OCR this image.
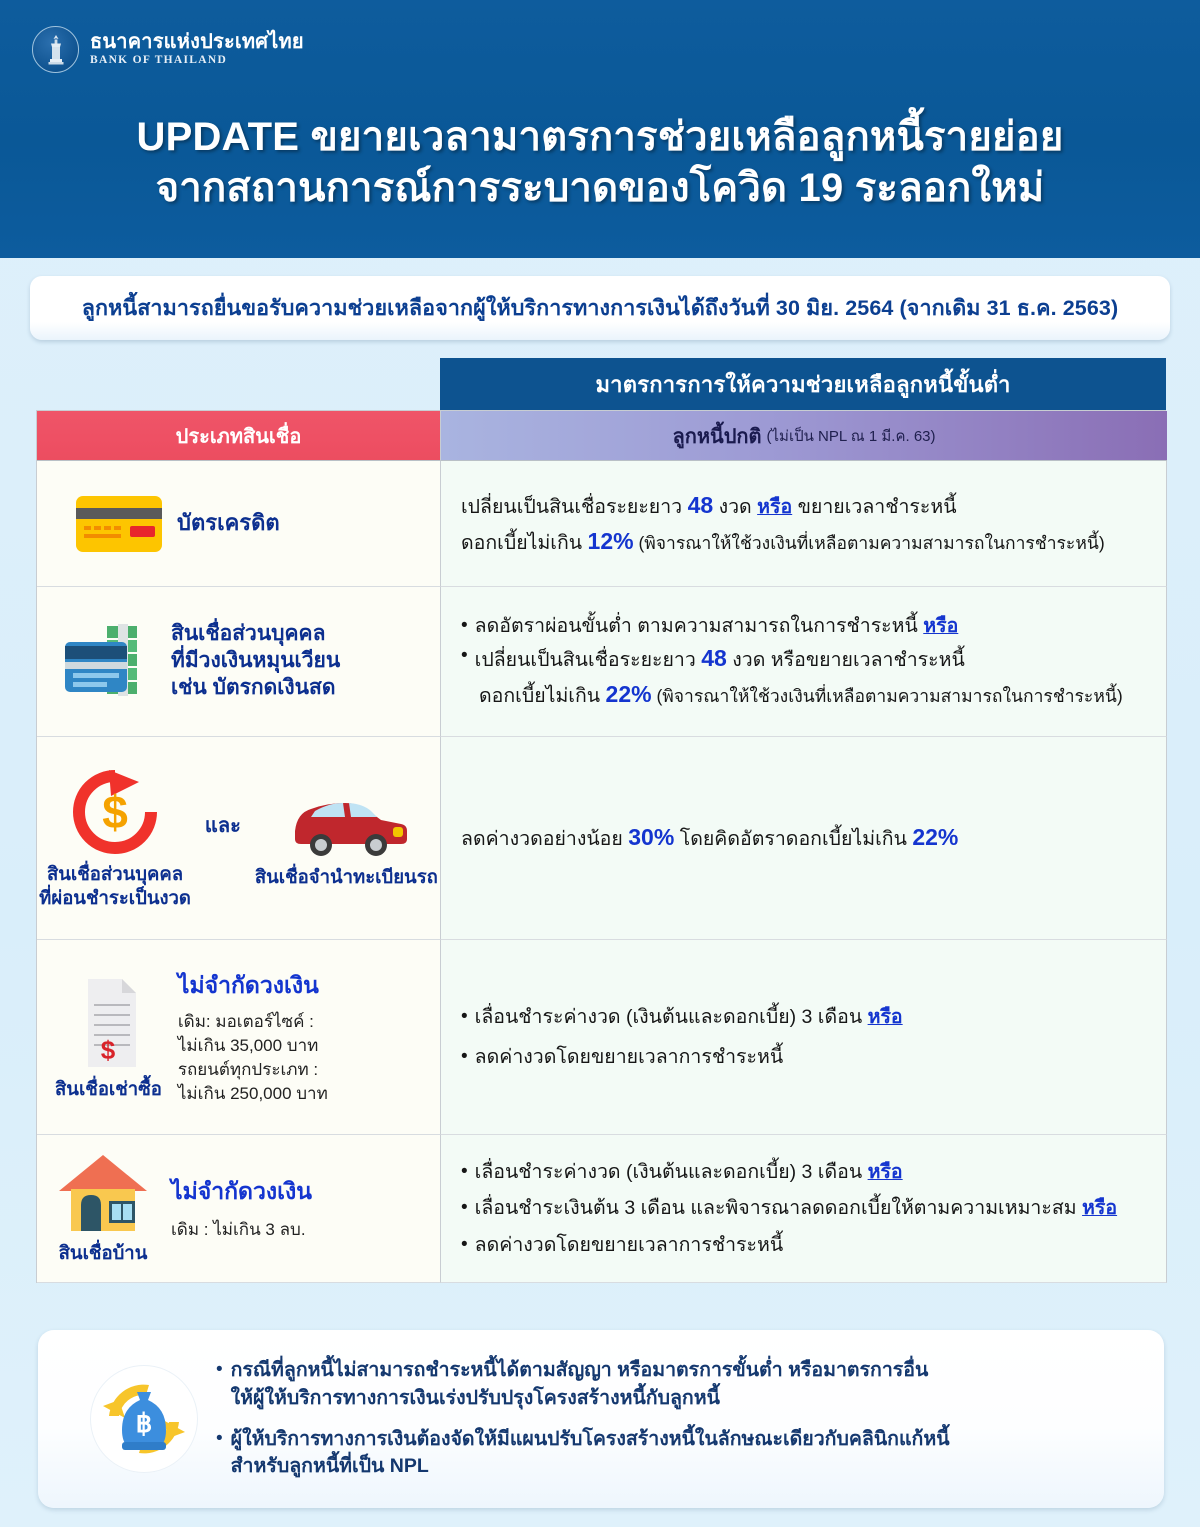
ธนาคารแห่งประเทศไทย
BANK OF THAILAND
UPDATE ขยายเวลามาตรการช่วยเหลือลูกหนี้รายย่อย
จากสถานการณ์การระบาดของโควิด 19 ระลอกใหม่
ลูกหนี้สามารถยื่นขอรับความช่วยเหลือจากผู้ให้บริการทางการเงินได้ถึงวันที่ 30 มิย. 2564 (จากเดิม 31 ธ.ค. 2563)
มาตรการการให้ความช่วยเหลือลูกหนี้ขั้นต่ำ
ประเภทสินเชื่อ	ลูกหนี้ปกติ (ไม่เป็น NPL ณ 1 มี.ค. 63)
บัตรเครดิต
เปลี่ยนเป็นสินเชื่อระยะยาว 48 งวด หรือ ขยายเวลาชำระหนี้
ดอกเบี้ยไม่เกิน 12% (พิจารณาให้ใช้วงเงินที่เหลือตามความสามารถในการชำระหนี้)
สินเชื่อส่วนบุคคล
ที่มีวงเงินหมุนเวียน
เช่น บัตรกดเงินสด
• ลดอัตราผ่อนขั้นต่ำ ตามความสามารถในการชำระหนี้ หรือ
• เปลี่ยนเป็นสินเชื่อระยะยาว 48 งวด หรือขยายเวลาชำระหนี้
ดอกเบี้ยไม่เกิน 22% (พิจารณาให้ใช้วงเงินที่เหลือตามความสามารถในการชำระหนี้)
$
สินเชื่อส่วนบุคคล
ที่ผ่อนชำระเป็นงวด
และ
สินเชื่อจำนำทะเบียนรถ
ลดค่างวดอย่างน้อย 30% โดยคิดอัตราดอกเบี้ยไม่เกิน 22%
$
สินเชื่อเช่าซื้อ
ไม่จำกัดวงเงิน
เดิม: มอเตอร์ไซค์ :
ไม่เกิน 35,000 บาท
รถยนต์ทุกประเภท :
ไม่เกิน 250,000 บาท
• เลื่อนชำระค่างวด (เงินต้นและดอกเบี้ย) 3 เดือน หรือ
• ลดค่างวดโดยขยายเวลาการชำระหนี้
สินเชื่อบ้าน
ไม่จำกัดวงเงิน
เดิม : ไม่เกิน 3 ลบ.
• เลื่อนชำระค่างวด (เงินต้นและดอกเบี้ย) 3 เดือน หรือ
• เลื่อนชำระเงินต้น 3 เดือน และพิจารณาลดดอกเบี้ยให้ตามความเหมาะสม หรือ
• ลดค่างวดโดยขยายเวลาการชำระหนี้
฿
• กรณีที่ลูกหนี้ไม่สามารถชำระหนี้ได้ตามสัญญา หรือมาตรการขั้นต่ำ หรือมาตรการอื่น
ให้ผู้ให้บริการทางการเงินเร่งปรับปรุงโครงสร้างหนี้กับลูกหนี้
• ผู้ให้บริการทางการเงินต้องจัดให้มีแผนปรับโครงสร้างหนี้ในลักษณะเดียวกับคลินิกแก้หนี้
สำหรับลูกหนี้ที่เป็น NPL
